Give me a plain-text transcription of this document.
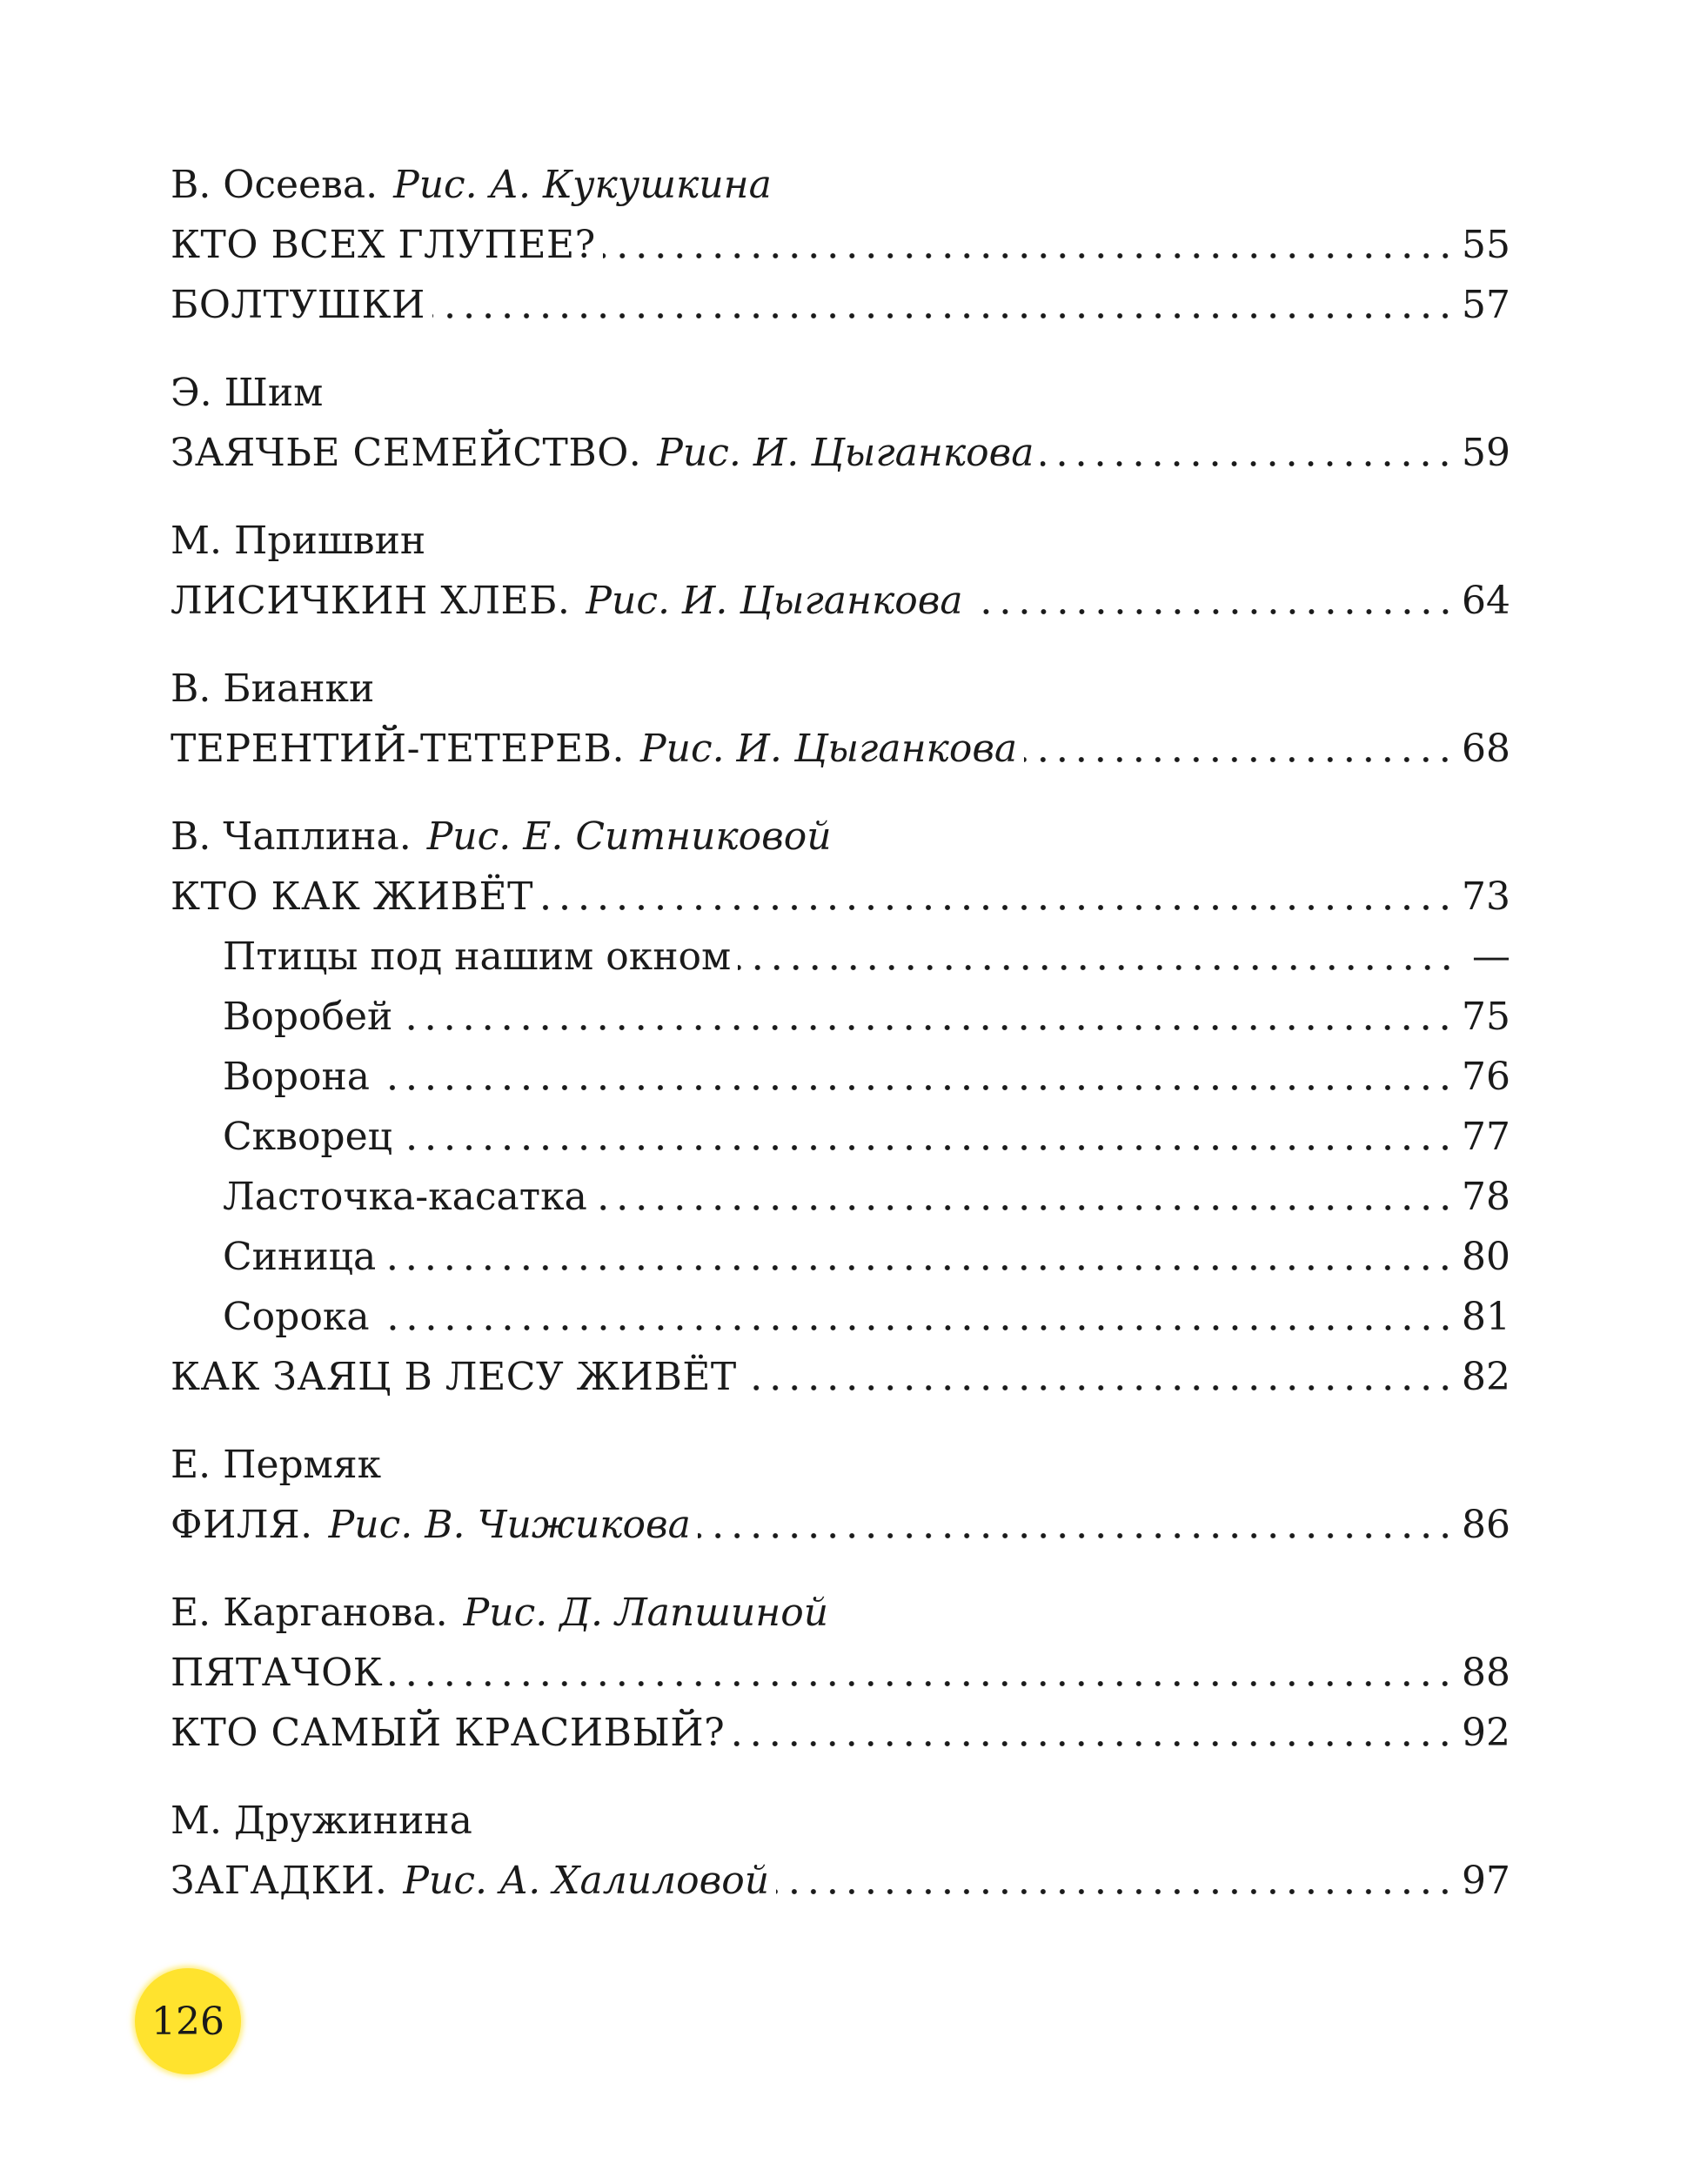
В. Осеева. Рис. А. Кукушкина
КТО ВСЕХ ГЛУПЕЕ?	55
БОЛТУШКИ	57
Э. Шим
ЗАЯЧЬЕ СЕМЕЙСТВО. Рис. И. Цыганкова	59
М. Пришвин
ЛИСИЧКИН ХЛЕБ. Рис. И. Цыганкова	64
В. Бианки
ТЕРЕНТИЙ-ТЕТЕРЕВ. Рис. И. Цыганкова	68
В. Чаплина. Рис. Е. Ситниковой
КТО КАК ЖИВЁТ	73
Птицы под нашим окном	—
Воробей	75
Ворона	76
Скворец	77
Ласточка-касатка	78
Синица	80
Сорока	81
КАК ЗАЯЦ В ЛЕСУ ЖИВЁТ	82
Е. Пермяк
ФИЛЯ. Рис. В. Чижикова	86
Е. Карганова. Рис. Д. Лапшиной
ПЯТАЧОК	88
КТО САМЫЙ КРАСИВЫЙ?	92
М. Дружинина
ЗАГАДКИ. Рис. А. Халиловой	97
126
